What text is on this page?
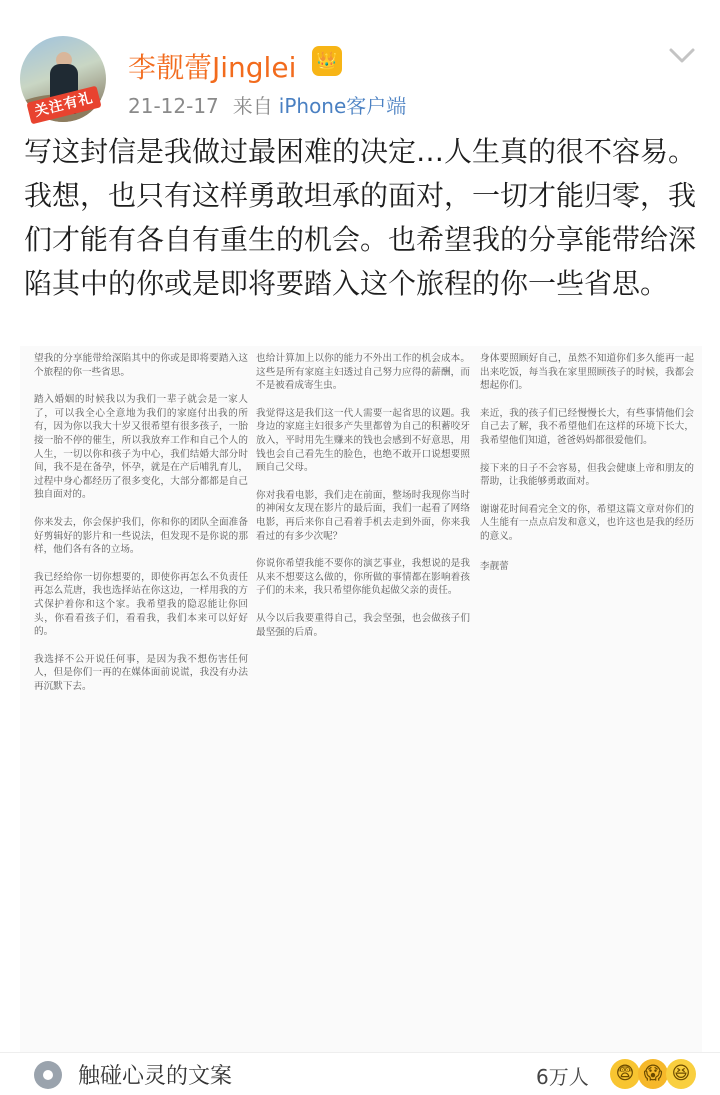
关注有礼
李靓蕾Jinglei 👑
21-12-17 来自 iPhone客户端

写这封信是我做过最困难的决定…人生真的很不容易。我想，也只有这样勇敢坦承的面对，一切才能归零，我们才能有各自有重生的机会。也希望我的分享能带给深陷其中的你或是即将要踏入这个旅程的你一些省思。

望我的分享能带给深陷其中的你或是即将要踏入这个旅程的你一些省思。

踏入婚姻的时候我以为我们一辈子就会是一家人了，可以我全心全意地为我们的家庭付出我的所有，因为你以我大十岁又很希望有很多孩子，一胎接一胎不停的催生，所以我放弃工作和自己个人的人生，一切以你和孩子为中心，我们结婚大部分时间，我不是在备孕，怀孕，就是在产后哺乳育儿，过程中身心都经历了很多变化，大部分都都是自己独自面对的。

你来发去，你会保护我们，你和你的团队全面准备好剪辑好的影片和一些说法，但发现不是你说的那样，他们各有各的立场。

我已经给你一切你想要的，即使你再怎么不负责任再怎么荒唐，我也选择站在你这边，一样用我的方式保护着你和这个家。我希望我的隐忍能让你回头，你看看孩子们，看看我，我们本来可以好好的。

我选择不公开说任何事，是因为我不想伤害任何人，但是你们一再的在媒体面前说谎，我没有办法再沉默下去。

也给计算加上以你的能力不外出工作的机会成本。这些是所有家庭主妇透过自己努力应得的薪酬，而不是被看成寄生虫。

我觉得这是我们这一代人需要一起省思的议题。我身边的家庭主妇很多产失里都曾为自己的积蓄咬牙放入，平时用先生赚来的钱也会感到不好意思，用钱也会自己看先生的脸色，也绝不敢开口说想要照顾自己父母。

你对我看电影，我们走在前面，整场时我现你当时的神闲女友现在影片的最后面，我们一起看了网络电影，再后来你自己看着手机去走到外面，你来我看过的有多少次呢？

你说你希望我能不要你的演艺事业，我想说的是我从来不想要这么做的，你所做的事情都在影响着孩子们的未来，我只希望你能负起做父亲的责任。

从今以后我要重得自己，我会坚强，也会做孩子们最坚强的后盾。

身体要照顾好自己，虽然不知道你们多久能再一起出来吃饭，每当我在家里照顾孩子的时候，我都会想起你们。

来近，我的孩子们已经慢慢长大，有些事情他们会自己去了解，我不希望他们在这样的环境下长大，我希望他们知道，爸爸妈妈都很爱他们。

接下来的日子不会容易，但我会健康上帝和朋友的帮助，让我能够勇敢面对。

谢谢花时间看完全文的你，希望这篇文章对你们的人生能有一点点启发和意义，也许这也是我的经历的意义。

李靓蕾

触碰心灵的文案	6万人	😨 😱 😆
